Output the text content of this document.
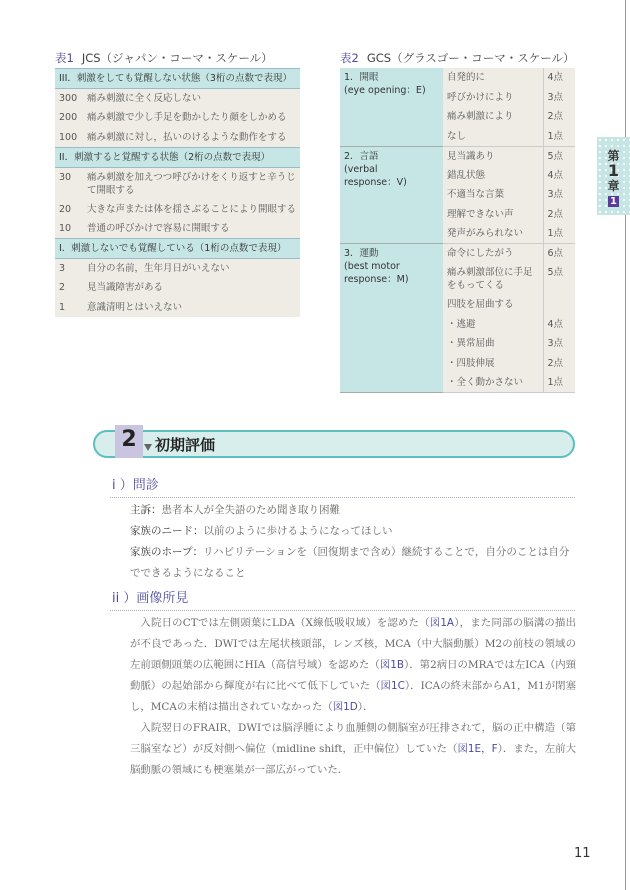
表1 JCS（ジャパン・コーマ・スケール）
III．刺激をしても覚醒しない状態（3桁の点数で表現）	
300	痛み刺激に全く反応しない
200	痛み刺激で少し手足を動かしたり顔をしかめる
100	痛み刺激に対し，払いのけるような動作をする
II．刺激すると覚醒する状態（2桁の点数で表現）	
30	痛み刺激を加えつつ呼びかけをくり返すと辛うじて開眼する
20	大きな声または体を揺さぶることにより開眼する
10	普通の呼びかけで容易に開眼する
I．刺激しないでも覚醒している（1桁の点数で表現）	
3	自分の名前，生年月日がいえない
2	見当識障害がある
1	意識清明とはいえない
表2 GCS（グラスゴー・コーマ・スケール）
1．開眼
(eye opening：E)	自発的に	4点
	呼びかけにより	3点
	痛み刺激により	2点
	なし	1点
2．言語
(verbal
response：V)	見当識あり	5点
	錯乱状態	4点
	不適当な言葉	3点
	理解できない声	2点
	発声がみられない	1点
3．運動
(best motor
response：M)	命令にしたがう	6点
	痛み刺激部位に手足をもってくる	5点
	四肢を屈曲する	
	・逃避	4点
	・異常屈曲	3点
	・四肢伸展	2点
	・全く動かさない	1点
第
1
章
1
2	初期評価
i ）問診
主訴：患者本人が全失語のため聞き取り困難
家族のニード：以前のように歩けるようになってほしい
家族のホープ：リハビリテーションを（回復期まで含め）継続することで，自分のことは自分でできるようになること
ii ）画像所見
入院日のCTでは左側頭葉にLDA（X線低吸収域）を認めた（図1A），また同部の脳溝の描出が不良であった．DWIでは左尾状核頭部，レンズ核，MCA（中大脳動脈）M2の前枝の領域の左前頭側頭葉の広範囲にHIA（高信号域）を認めた（図1B）．第2病日のMRAでは左ICA（内頸動脈）の起始部から輝度が右に比べて低下していた（図1C）．ICAの終末部からA1，M1が閉塞し，MCAの末梢は描出されていなかった（図1D）．
入院翌日のFRAIR，DWIでは脳浮腫により血腫側の側脳室が圧排されて，脳の正中構造（第三脳室など）が反対側へ偏位（midline shift，正中偏位）していた（図1E，F）．また，左前大脳動脈の領域にも梗塞巣が一部広がっていた．
11
